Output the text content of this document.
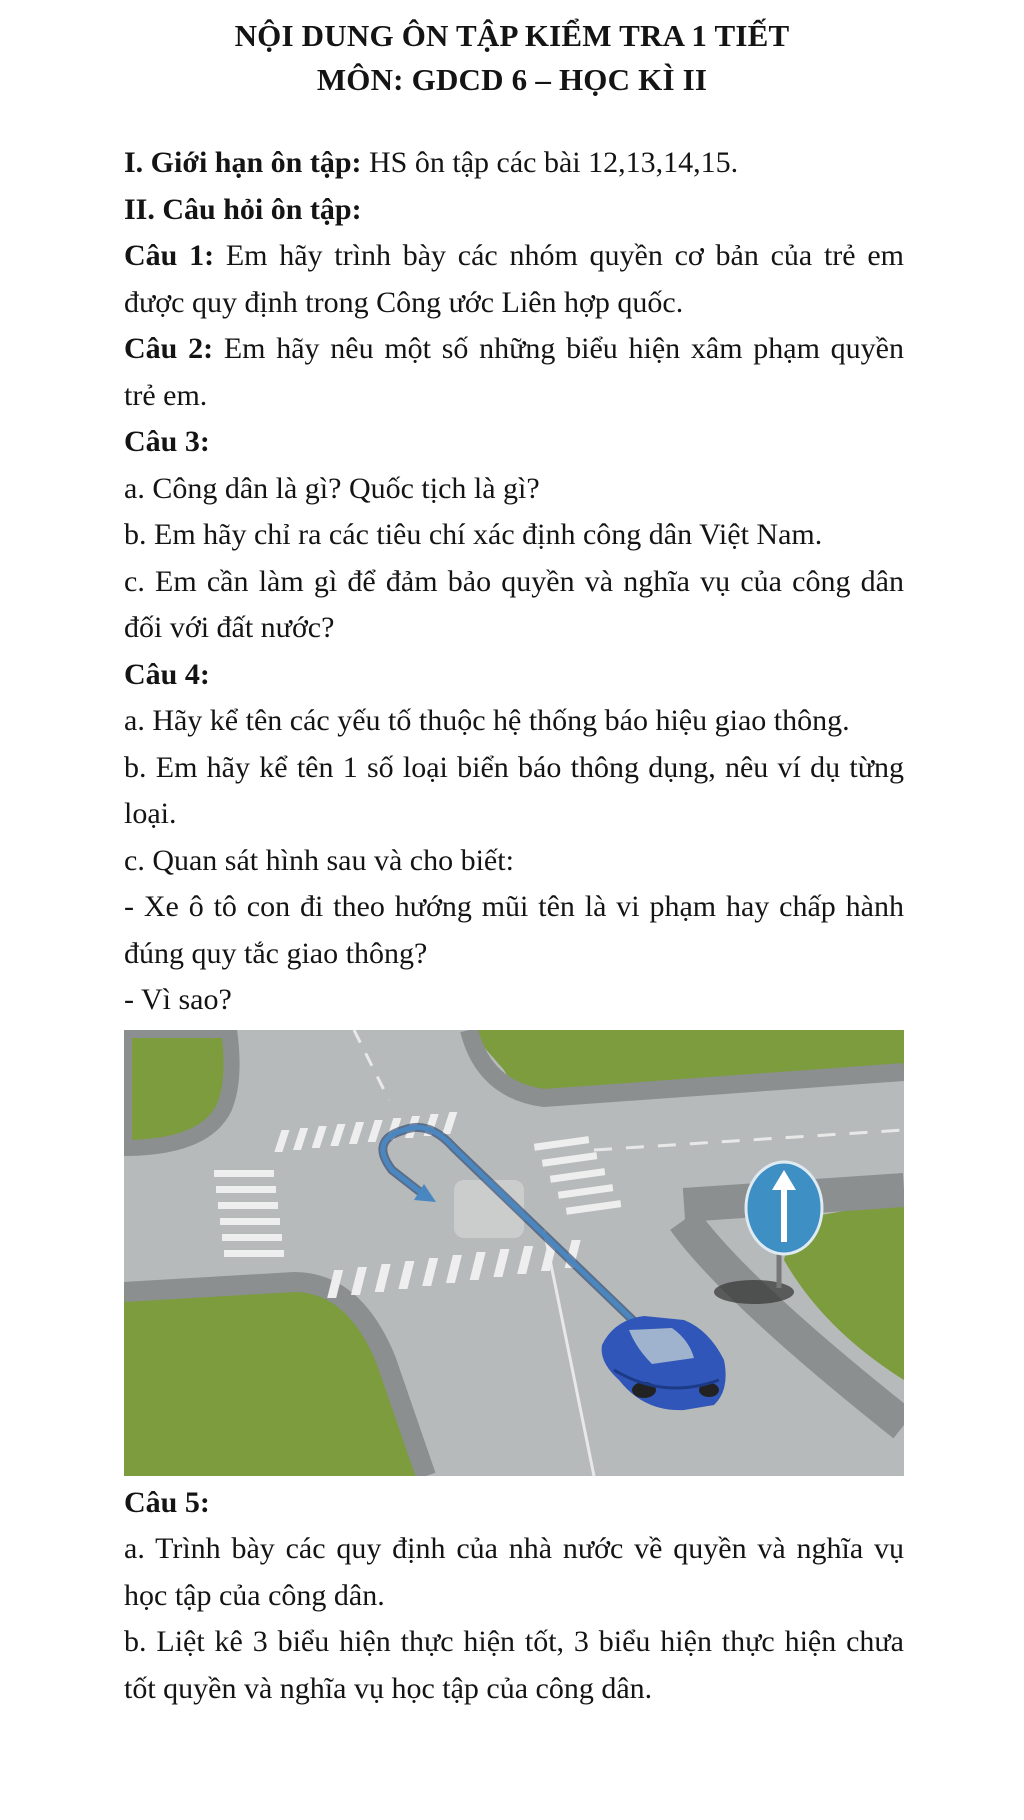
NỘI DUNG ÔN TẬP KIỂM TRA 1 TIẾT
MÔN: GDCD 6 – HỌC KÌ II

I. Giới hạn ôn tập: HS ôn tập các bài 12,13,14,15.

II. Câu hỏi ôn tập:

Câu 1: Em hãy trình bày các nhóm quyền cơ bản của trẻ em được quy định trong Công ước Liên hợp quốc.

Câu 2: Em hãy nêu một số những biểu hiện xâm phạm quyền trẻ em.

Câu 3:

a. Công dân là gì? Quốc tịch là gì?

b. Em hãy chỉ ra các tiêu chí xác định công dân Việt Nam.

c. Em cần làm gì để đảm bảo quyền và nghĩa vụ của công dân đối với đất nước?

Câu 4:

a. Hãy kể tên các yếu tố thuộc hệ thống báo hiệu giao thông.

b. Em hãy kể tên 1 số loại biển báo thông dụng, nêu ví dụ từng loại.

c. Quan sát hình sau và cho biết:

- Xe ô tô con đi theo hướng mũi tên là vi phạm hay chấp hành đúng quy tắc giao thông?

- Vì sao?

Câu 5:

a. Trình bày các quy định của nhà nước về quyền và nghĩa vụ học tập của công dân.

b. Liệt kê 3 biểu hiện thực hiện tốt, 3 biểu hiện thực hiện chưa tốt quyền và nghĩa vụ học tập của công dân.
